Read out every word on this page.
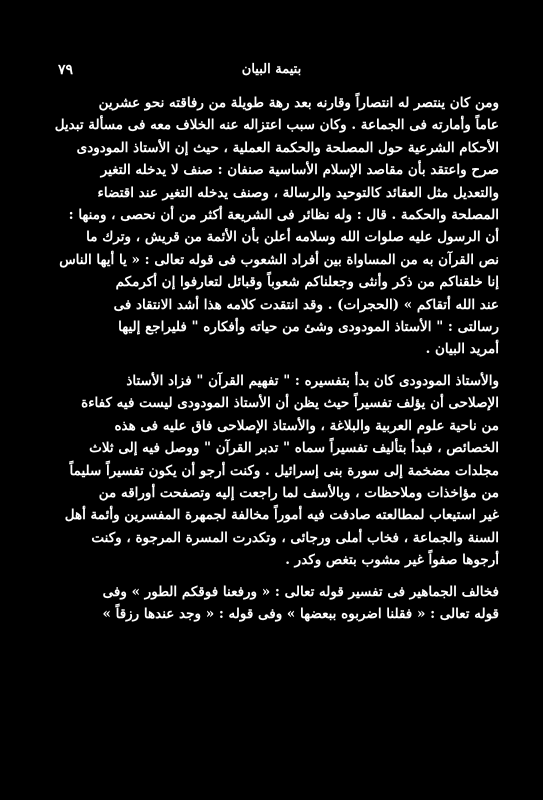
بتيمة البيان
٧٩

ومن كان ينتصر له انتصاراً وقارنه بعد رهة طويلة من رفاقته نحو عشرين
عاماً وأمارته فى الجماعة . وكان سبب اعتزاله عنه الخلاف معه فى مسألة تبديل
الأحكام الشرعية حول المصلحة والحكمة العملية ، حيث إن الأستاذ المودودى
صرح واعتقد بأن مقاصد الإسلام الأساسية صنفان : صنف لا يدخله التغير
والتعديل مثل العقائد كالتوحيد والرسالة ، وصنف يدخله التغير عند اقتضاء
المصلحة والحكمة . قال : وله نظائر فى الشريعة أكثر من أن نحصى ، ومنها :
أن الرسول عليه صلوات الله وسلامه أعلن بأن الأئمة من قريش ، وترك ما
نص القرآن به من المساواة بين أفراد الشعوب فى قوله تعالى : « يا أيها الناس
إنا خلقناكم من ذكر وأنثى وجعلناكم شعوباً وقبائل لتعارفوا إن أكرمكم
عند الله أتقاكم » (الحجرات) . وقد انتقدت كلامه هذا أشد الانتقاد فى
رسالتى : " الأستاذ المودودى وشئ من حياته وأفكاره " فليراجع إليها
أمريد البيان .

والأستاذ المودودى كان بدأ بتفسيره : " تفهيم القرآن " فزاد الأستاذ
الإصلاحى أن يؤلف تفسيراً حيث يظن أن الأستاذ المودودى ليست فيه كفاءة
من ناحية علوم العربية والبلاغة ، والأستاذ الإصلاحى فاق عليه فى هذه
الخصائص ، فبدأ بتأليف تفسيراً سماه " تدبر القرآن " ووصل فيه إلى ثلاث
مجلدات مضخمة إلى سورة بنى إسرائيل . وكنت أرجو أن يكون تفسيراً سليماً
من مؤاخذات وملاحظات ، وبالأسف لما راجعت إليه وتصفحت أوراقه من
غير استيعاب لمطالعته صادفت فيه أموراً مخالفة لجمهرة المفسرين وأئمة أهل
السنة والجماعة ، فخاب أملى ورجائى ، وتكدرت المسرة المرجوة ، وكنت
أرجوها صفواً غير مشوب بتغص وكدر .

فخالف الجماهير فى تفسير قوله تعالى : « ورفعنا فوقكم الطور » وفى
قوله تعالى : « فقلنا اضربوه ببعضها » وفى قوله : « وجد عندها رزقاً »
